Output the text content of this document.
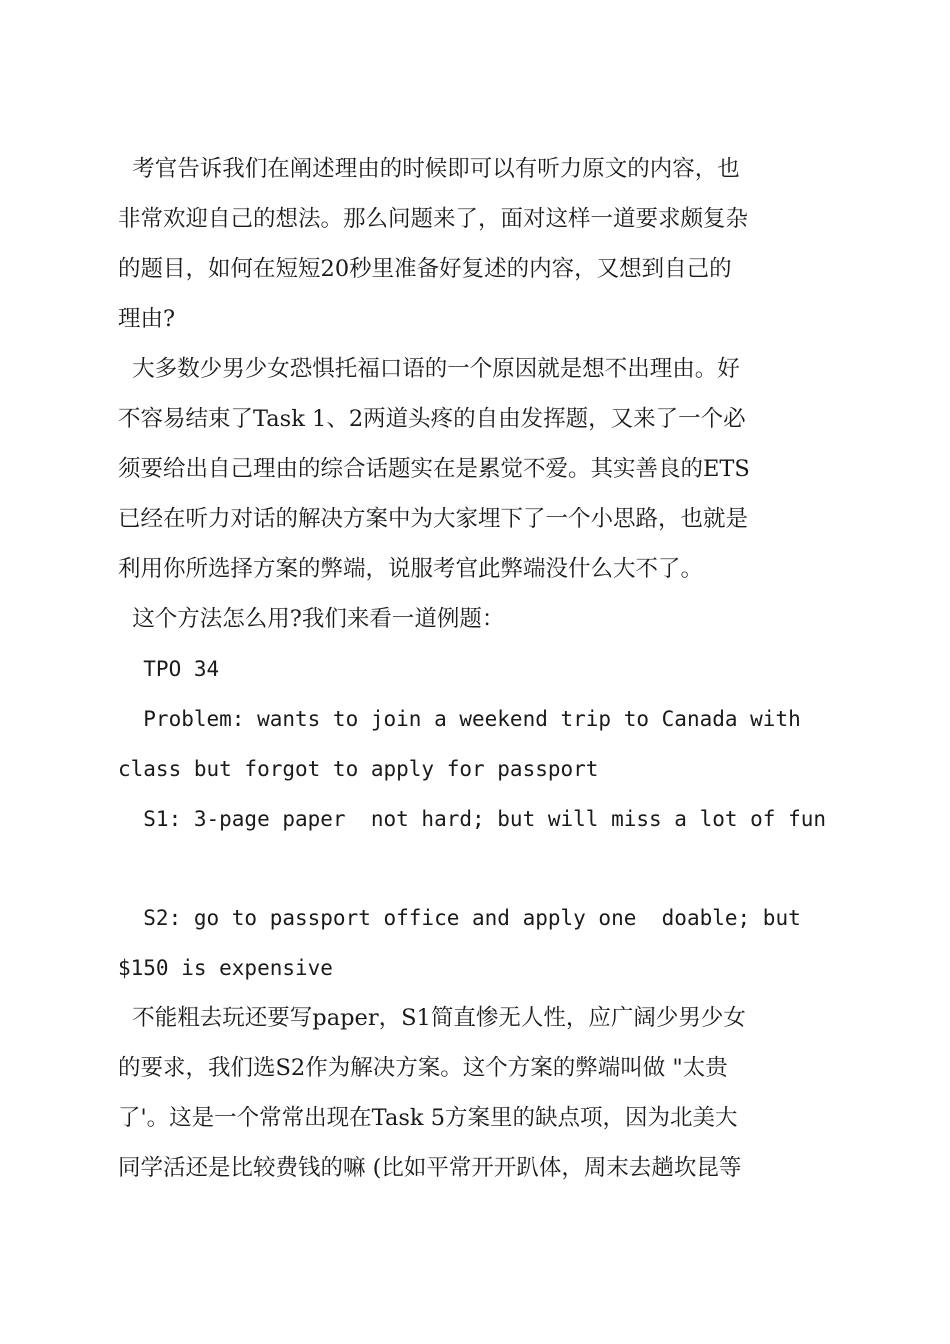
考官告诉我们在阐述理由的时候即可以有听力原文的内容，也
非常欢迎自己的想法。那么问题来了，面对这样一道要求颇复杂
的题目，如何在短短20秒里准备好复述的内容，又想到自己的
理由?
大多数少男少女恐惧托福口语的一个原因就是想不出理由。好
不容易结束了Task 1、2两道头疼的自由发挥题，又来了一个必
须要给出自己理由的综合话题实在是累觉不爱。其实善良的ETS
已经在听力对话的解决方案中为大家埋下了一个小思路，也就是
利用你所选择方案的弊端，说服考官此弊端没什么大不了。
这个方法怎么用?我们来看一道例题：
TPO 34
Problem: wants to join a weekend trip to Canada with
class but forgot to apply for passport
S1: 3-page paper  not hard; but will miss a lot of fun
S2: go to passport office and apply one  doable; but
$150 is expensive
不能粗去玩还要写paper，S1简直惨无人性，应广阔少男少女
的要求，我们选S2作为解决方案。这个方案的弊端叫做 "太贵
了'。这是一个常常出现在Task 5方案里的缺点项，因为北美大
同学活还是比较费钱的嘛 (比如平常开开趴体，周末去趟坎昆等
